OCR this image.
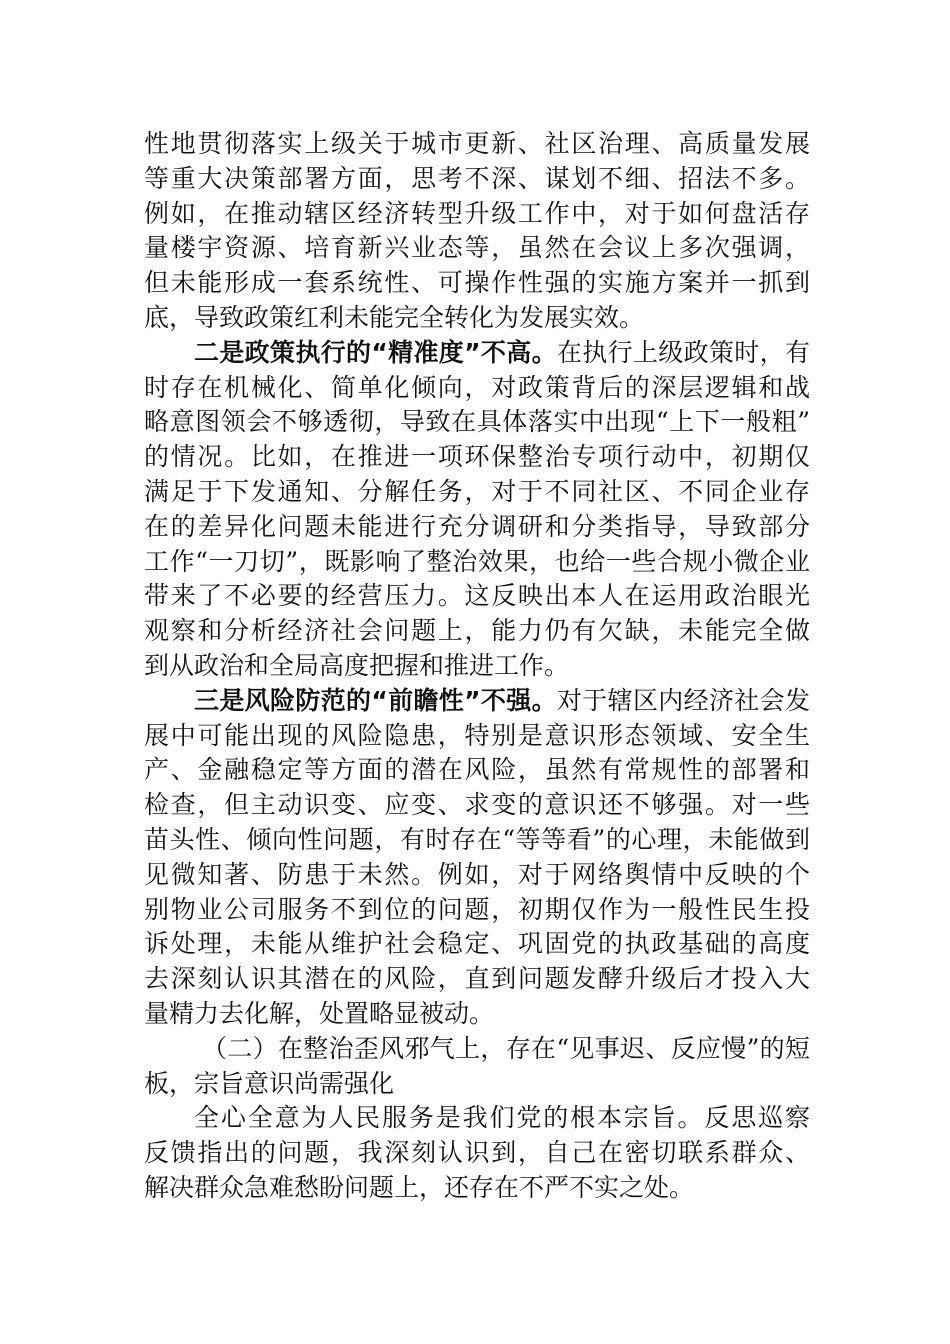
性地贯彻落实上级关于城市更新、社区治理、高质量发展
等重大决策部署方面，思考不深、谋划不细、招法不多。
例如，在推动辖区经济转型升级工作中，对于如何盘活存
量楼宇资源、培育新兴业态等，虽然在会议上多次强调，
但未能形成一套系统性、可操作性强的实施方案并一抓到
底，导致政策红利未能完全转化为发展实效。
二是政策执行的“精准度”不高。在执行上级政策时，有
时存在机械化、简单化倾向，对政策背后的深层逻辑和战
略意图领会不够透彻，导致在具体落实中出现“上下一般粗”
的情况。比如，在推进一项环保整治专项行动中，初期仅
满足于下发通知、分解任务，对于不同社区、不同企业存
在的差异化问题未能进行充分调研和分类指导，导致部分
工作“一刀切”，既影响了整治效果，也给一些合规小微企业
带来了不必要的经营压力。这反映出本人在运用政治眼光
观察和分析经济社会问题上，能力仍有欠缺，未能完全做
到从政治和全局高度把握和推进工作。
三是风险防范的“前瞻性”不强。对于辖区内经济社会发
展中可能出现的风险隐患，特别是意识形态领域、安全生
产、金融稳定等方面的潜在风险，虽然有常规性的部署和
检查，但主动识变、应变、求变的意识还不够强。对一些
苗头性、倾向性问题，有时存在“等等看”的心理，未能做到
见微知著、防患于未然。例如，对于网络舆情中反映的个
别物业公司服务不到位的问题，初期仅作为一般性民生投
诉处理，未能从维护社会稳定、巩固党的执政基础的高度
去深刻认识其潜在的风险，直到问题发酵升级后才投入大
量精力去化解，处置略显被动。
（二）在整治歪风邪气上，存在“见事迟、反应慢”的短
板，宗旨意识尚需强化
全心全意为人民服务是我们党的根本宗旨。反思巡察
反馈指出的问题，我深刻认识到，自己在密切联系群众、
解决群众急难愁盼问题上，还存在不严不实之处。
